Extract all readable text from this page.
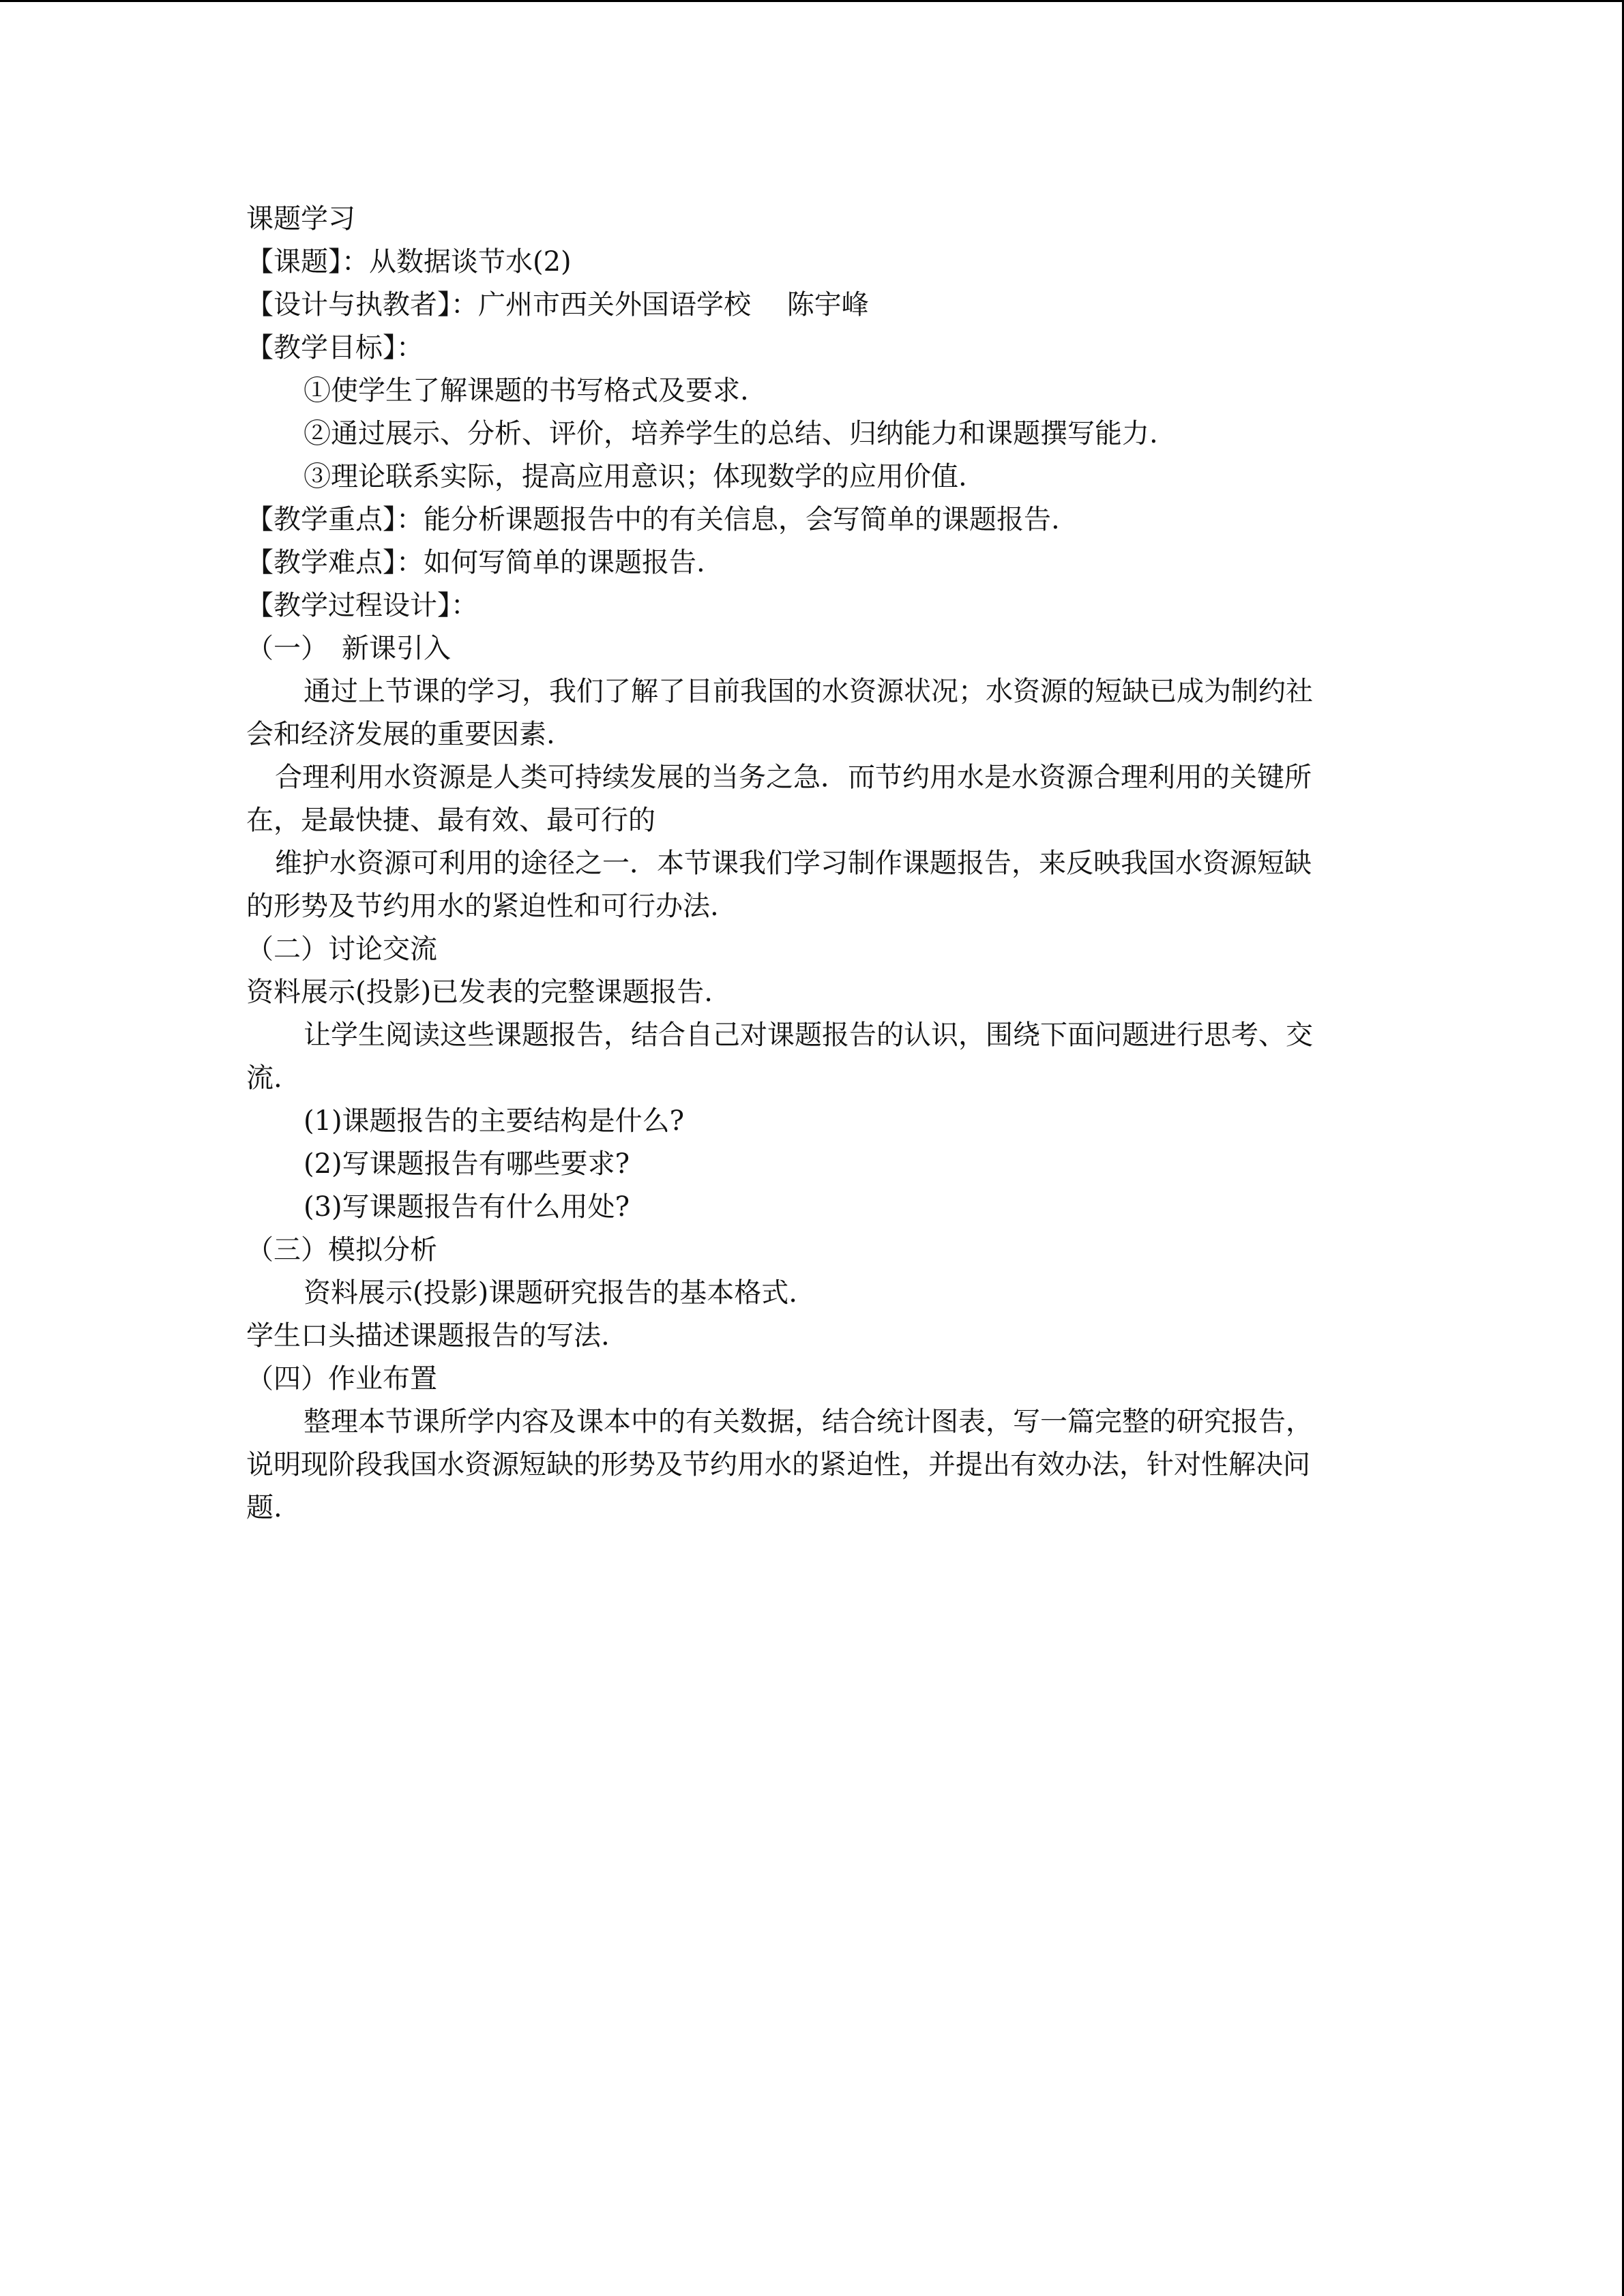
课题学习
【课题】：从数据谈节水(2)
【设计与执教者】：广州市西关外国语学校　 陈宇峰
【教学目标】：
①使学生了解课题的书写格式及要求.
②通过展示、分析、评价，培养学生的总结、归纳能力和课题撰写能力.
③理论联系实际，提高应用意识；体现数学的应用价值.
【教学重点】：能分析课题报告中的有关信息，会写简单的课题报告.
【教学难点】：如何写简单的课题报告.
【教学过程设计】：
（一）　新课引入
通过上节课的学习，我们了解了目前我国的水资源状况；水资源的短缺已成为制约社
会和经济发展的重要因素.
合理利用水资源是人类可持续发展的当务之急．而节约用水是水资源合理利用的关键所
在，是最快捷、最有效、最可行的
维护水资源可利用的途径之一．本节课我们学习制作课题报告，来反映我国水资源短缺
的形势及节约用水的紧迫性和可行办法.
（二）讨论交流
资料展示(投影)已发表的完整课题报告.
让学生阅读这些课题报告，结合自己对课题报告的认识，围绕下面问题进行思考、交
流.
(1)课题报告的主要结构是什么?
(2)写课题报告有哪些要求?
(3)写课题报告有什么用处?
（三）模拟分析
资料展示(投影)课题研究报告的基本格式.
学生口头描述课题报告的写法.
（四）作业布置
整理本节课所学内容及课本中的有关数据，结合统计图表，写一篇完整的研究报告，
说明现阶段我国水资源短缺的形势及节约用水的紧迫性，并提出有效办法，针对性解决问
题.
